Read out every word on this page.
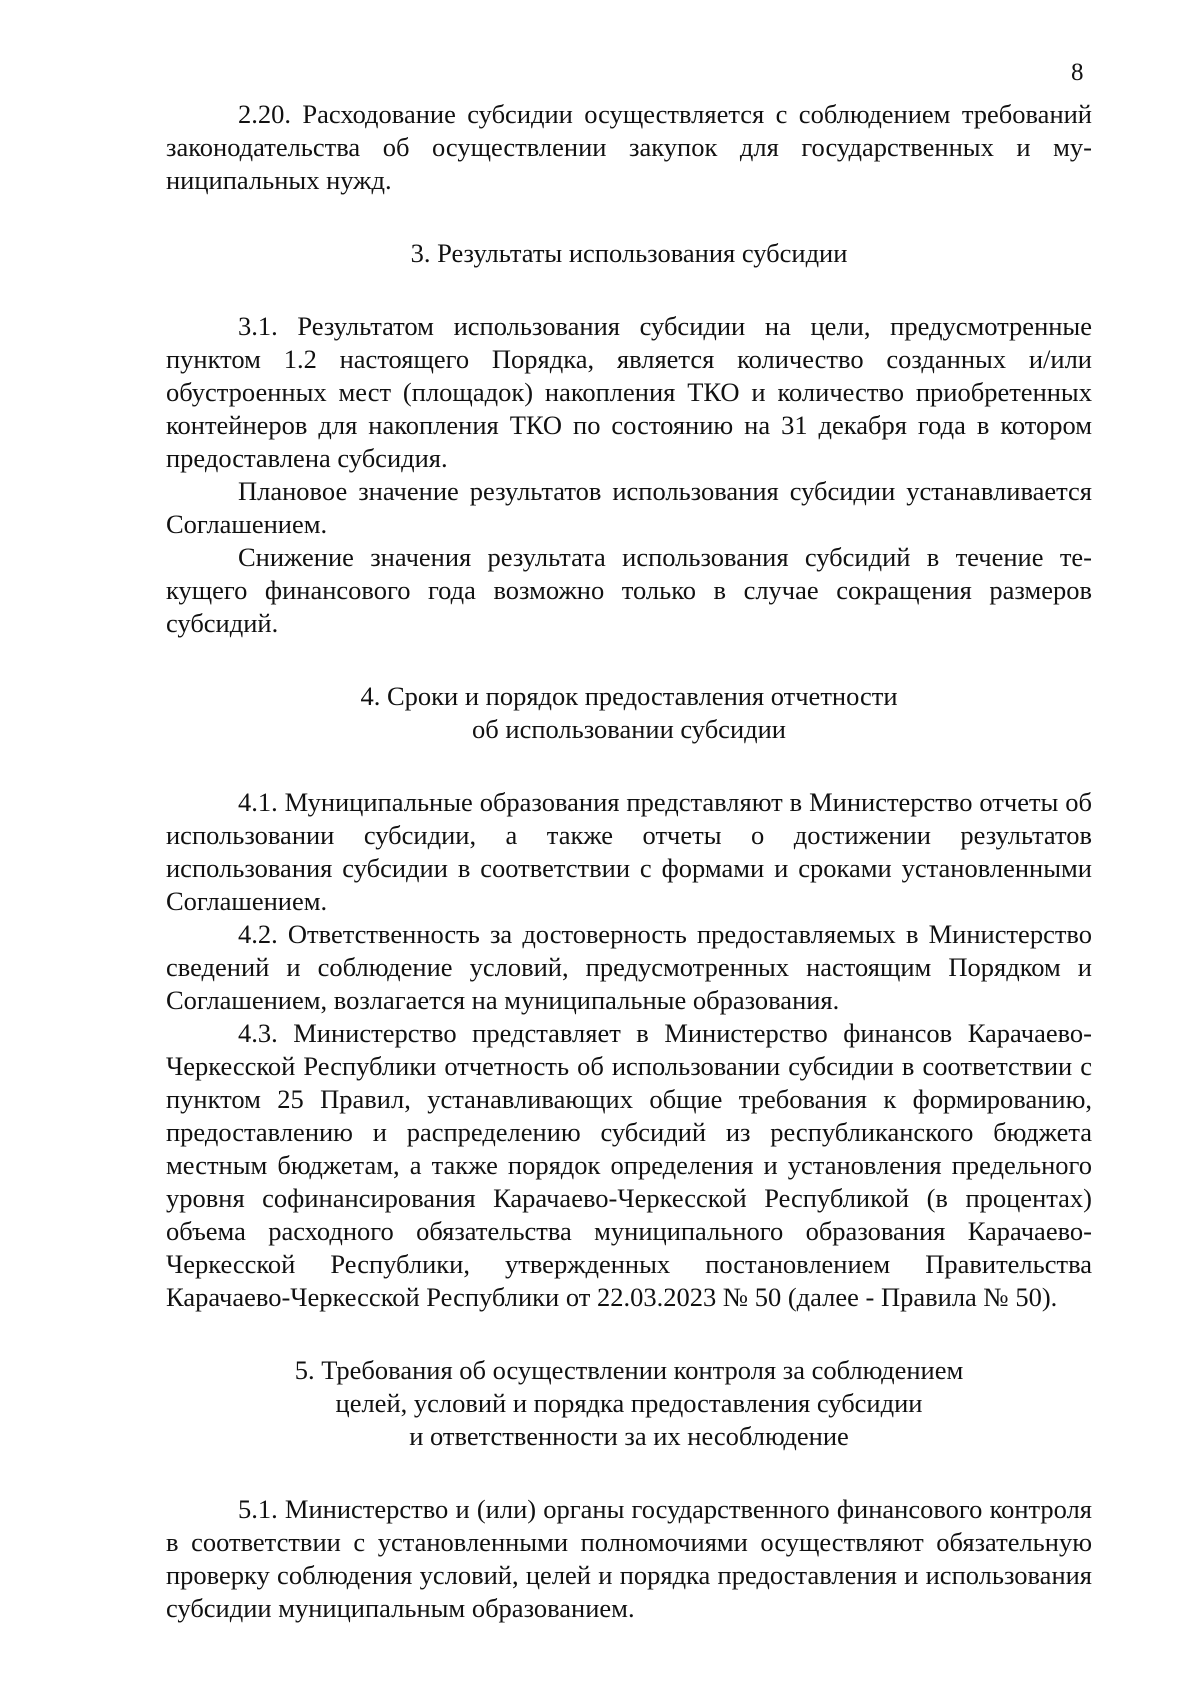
8

2.20. Расходование субсидии осуществляется с соблюдением требований законодательства об осуществлении закупок для государственных и муниципальных нужд.

3. Результаты использования субсидии

3.1. Результатом использования субсидии на цели, предусмотренные пунктом 1.2 настоящего Порядка, является количество созданных и/или обустроенных мест (площадок) накопления ТКО и количество приобретенных контейнеров для накопления ТКО по состоянию на 31 декабря года в котором предоставлена субсидия.

Плановое значение результатов использования субсидии устанавливается Соглашением.

Снижение значения результата использования субсидий в течение текущего финансового года возможно только в случае сокращения размеров субсидий.

4. Сроки и порядок предоставления отчетности
об использовании субсидии

4.1. Муниципальные образования представляют в Министерство отчеты об использовании субсидии, а также отчеты о достижении результатов использования субсидии в соответствии с формами и сроками установленными Соглашением.

4.2. Ответственность за достоверность предоставляемых в Министерство сведений и соблюдение условий, предусмотренных настоящим Порядком и Соглашением, возлагается на муниципальные образования.

4.3. Министерство представляет в Министерство финансов Карачаево-Черкесской Республики отчетность об использовании субсидии в соответствии с пунктом 25 Правил, устанавливающих общие требования к формированию, предоставлению и распределению субсидий из республиканского бюджета местным бюджетам, а также порядок определения и установления предельного уровня софинансирования Карачаево-Черкесской Республикой (в процентах) объема расходного обязательства муниципального образования Карачаево-Черкесской Республики, утвержденных постановлением Правительства Карачаево-Черкесской Республики от 22.03.2023 № 50 (далее - Правила № 50).

5. Требования об осуществлении контроля за соблюдением
целей, условий и порядка предоставления субсидии
и ответственности за их несоблюдение

5.1. Министерство и (или) органы государственного финансового контроля в соответствии с установленными полномочиями осуществляют обязательную проверку соблюдения условий, целей и порядка предоставления и использования субсидии муниципальным образованием.
